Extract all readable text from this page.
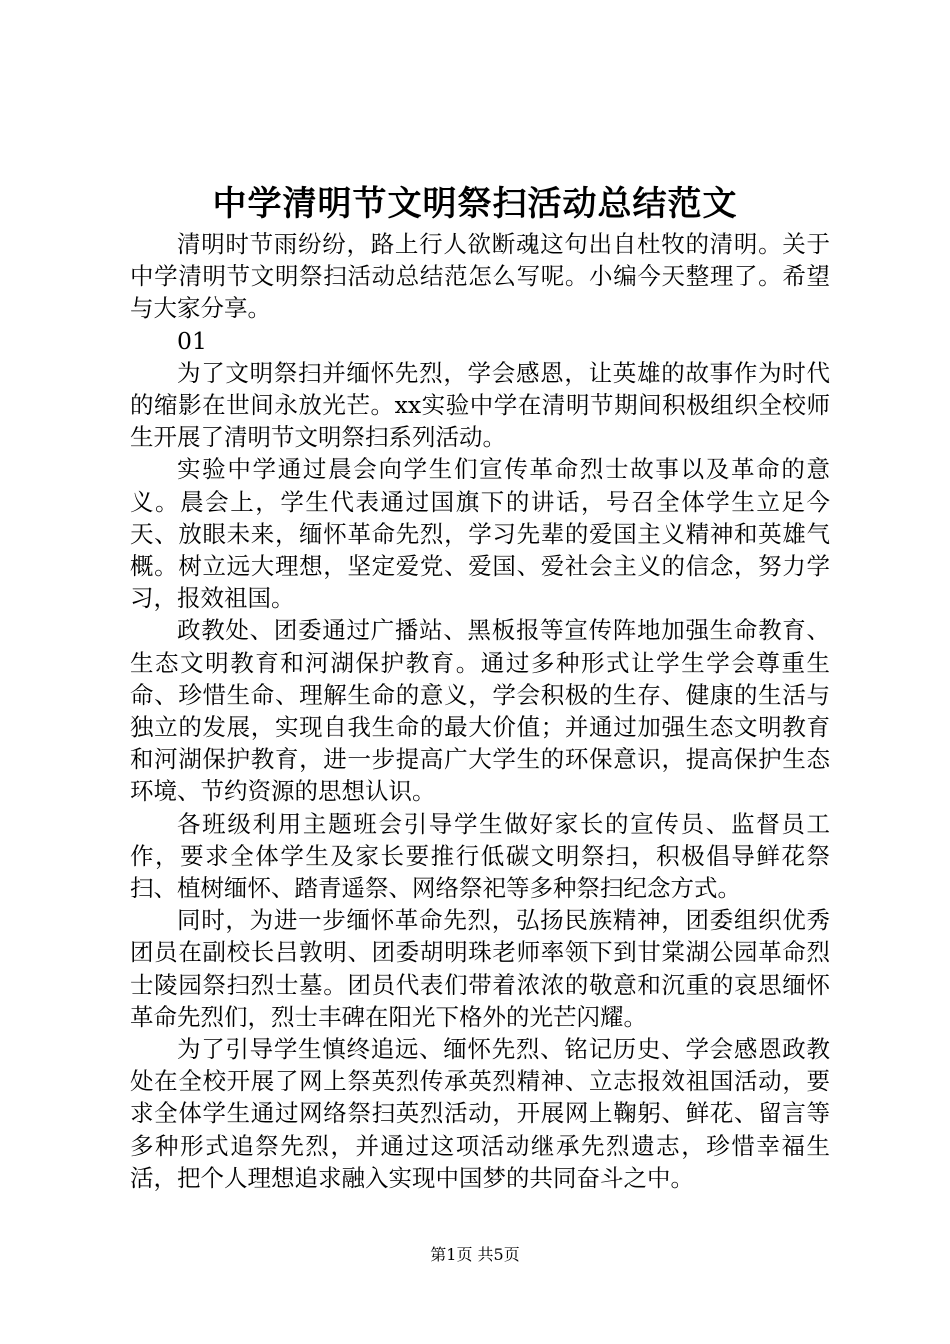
中学清明节文明祭扫活动总结范文

清明时节雨纷纷，路上行人欲断魂这句出自杜牧的清明。关于中学清明节文明祭扫活动总结范怎么写呢。小编今天整理了。希望与大家分享。

01

为了文明祭扫并缅怀先烈，学会感恩，让英雄的故事作为时代的缩影在世间永放光芒。xx实验中学在清明节期间积极组织全校师生开展了清明节文明祭扫系列活动。

实验中学通过晨会向学生们宣传革命烈士故事以及革命的意义。晨会上，学生代表通过国旗下的讲话，号召全体学生立足今天、放眼未来，缅怀革命先烈，学习先辈的爱国主义精神和英雄气概。树立远大理想，坚定爱党、爱国、爱社会主义的信念，努力学习，报效祖国。

政教处、团委通过广播站、黑板报等宣传阵地加强生命教育、生态文明教育和河湖保护教育。通过多种形式让学生学会尊重生命、珍惜生命、理解生命的意义，学会积极的生存、健康的生活与独立的发展，实现自我生命的最大价值；并通过加强生态文明教育和河湖保护教育，进一步提高广大学生的环保意识，提高保护生态环境、节约资源的思想认识。

各班级利用主题班会引导学生做好家长的宣传员、监督员工作，要求全体学生及家长要推行低碳文明祭扫，积极倡导鲜花祭扫、植树缅怀、踏青遥祭、网络祭祀等多种祭扫纪念方式。

同时，为进一步缅怀革命先烈，弘扬民族精神，团委组织优秀团员在副校长吕敦明、团委胡明珠老师率领下到甘棠湖公园革命烈士陵园祭扫烈士墓。团员代表们带着浓浓的敬意和沉重的哀思缅怀革命先烈们，烈士丰碑在阳光下格外的光芒闪耀。

为了引导学生慎终追远、缅怀先烈、铭记历史、学会感恩政教处在全校开展了网上祭英烈传承英烈精神、立志报效祖国活动，要求全体学生通过网络祭扫英烈活动，开展网上鞠躬、鲜花、留言等多种形式追祭先烈，并通过这项活动继承先烈遗志，珍惜幸福生活，把个人理想追求融入实现中国梦的共同奋斗之中。

第1页 共5页
